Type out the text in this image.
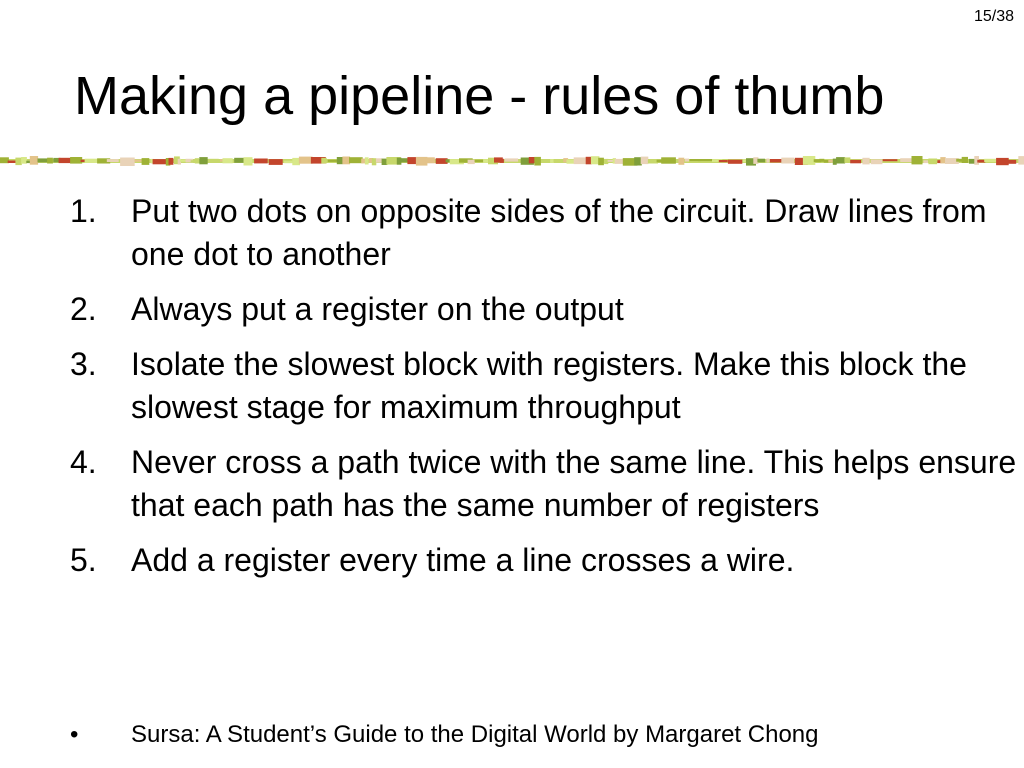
15/38
Making a pipeline - rules of thumb
1.	Put two dots on opposite sides of the circuit. Draw lines from one dot to another
2.	Always put a register on the output
3.	Isolate the slowest block with registers. Make this block the slowest stage for maximum throughput
4.	Never cross a path twice with the same line. This helps ensure that each path has the same number of registers
5.	Add a register every time a line crosses a wire.
•	Sursa: A Student’s Guide to the Digital World by Margaret Chong
